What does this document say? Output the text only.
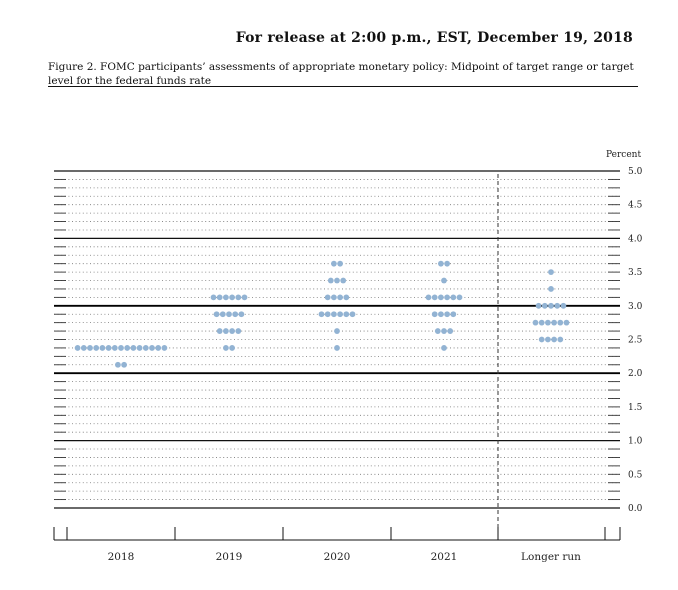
For release at 2:00 p.m., EST, December 19, 2018
Figure 2. FOMC participants’ assessments of appropriate monetary policy: Midpoint of target range or target level for the federal funds rate
Percent
5.0
4.5
4.0
3.5
3.0
2.5
2.0
1.5
1.0
0.5
0.0
2018	2019	2020	2021	Longer run
